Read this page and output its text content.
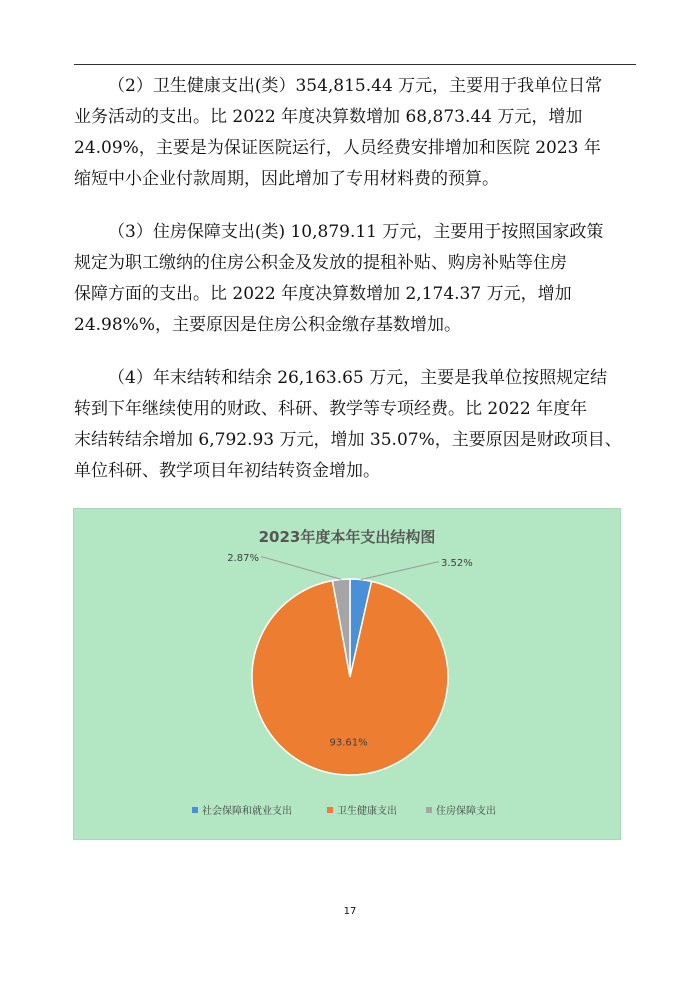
（2）卫生健康支出(类）354,815.44 万元，主要用于我单位日常
业务活动的支出。比 2022 年度决算数增加 68,873.44 万元，增加
24.09%，主要是为保证医院运行，人员经费安排增加和医院 2023 年
缩短中小企业付款周期，因此增加了专用材料费的预算。
（3）住房保障支出(类) 10,879.11 万元，主要用于按照国家政策
规定为职工缴纳的住房公积金及发放的提租补贴、购房补贴等住房
保障方面的支出。比 2022 年度决算数增加 2,174.37 万元，增加
24.98%%，主要原因是住房公积金缴存基数增加。
（4）年末结转和结余 26,163.65 万元，主要是我单位按照规定结
转到下年继续使用的财政、科研、教学等专项经费。比 2022 年度年
末结转结余增加 6,792.93 万元，增加 35.07%，主要原因是财政项目、
单位科研、教学项目年初结转资金增加。
2023年度本年支出结构图
3.52%
93.61%
2.87%
社会保障和就业支出	卫生健康支出	住房保障支出
17
